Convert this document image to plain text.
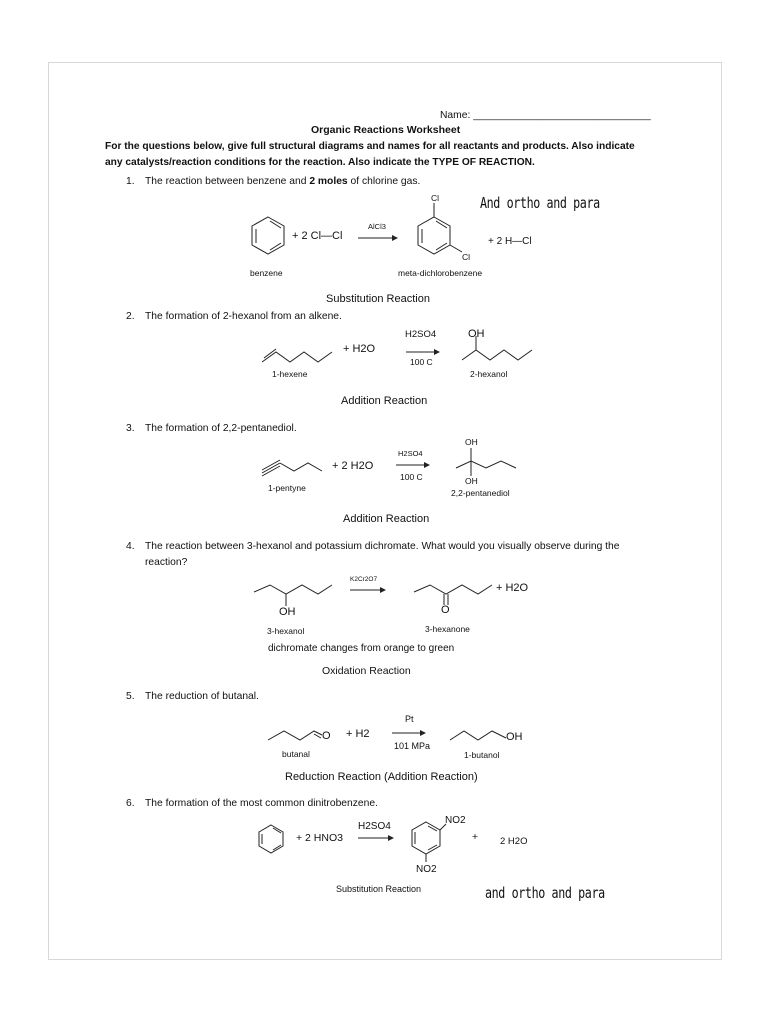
Name: _______________________________
Organic Reactions Worksheet
For the questions below, give full structural diagrams and names for all reactants and products. Also indicate
any catalysts/reaction conditions for the reaction. Also indicate the TYPE OF REACTION.
1. The reaction between benzene and 2 moles of chlorine gas.
And ortho and para
+ 2 Cl—Cl
AlCl3
Cl
Cl
+ 2 H—Cl
benzene	meta-dichlorobenzene
Substitution Reaction
2. The formation of 2-hexanol from an alkene.
+ H2O
H2SO4
100 C
OH
1-hexene	2-hexanol
Addition Reaction
3. The formation of 2,2-pentanediol.
+ 2 H2O
H2SO4
100 C
OH
OH
1-pentyne	2,2-pentanediol
Addition Reaction
4. The reaction between 3-hexanol and potassium dichromate. What would you visually observe during the
reaction?
K2Cr2O7
+ H2O
OH	O
3-hexanol	3-hexanone
dichromate changes from orange to green
Oxidation Reaction
5. The reduction of butanal.
O + H2
Pt
101 MPa
OH
butanal	1-butanol
Reduction Reaction (Addition Reaction)
6. The formation of the most common dinitrobenzene.
+ 2 HNO3
H2SO4
NO2
NO2
+ 2 H2O
Substitution Reaction	and ortho and para
